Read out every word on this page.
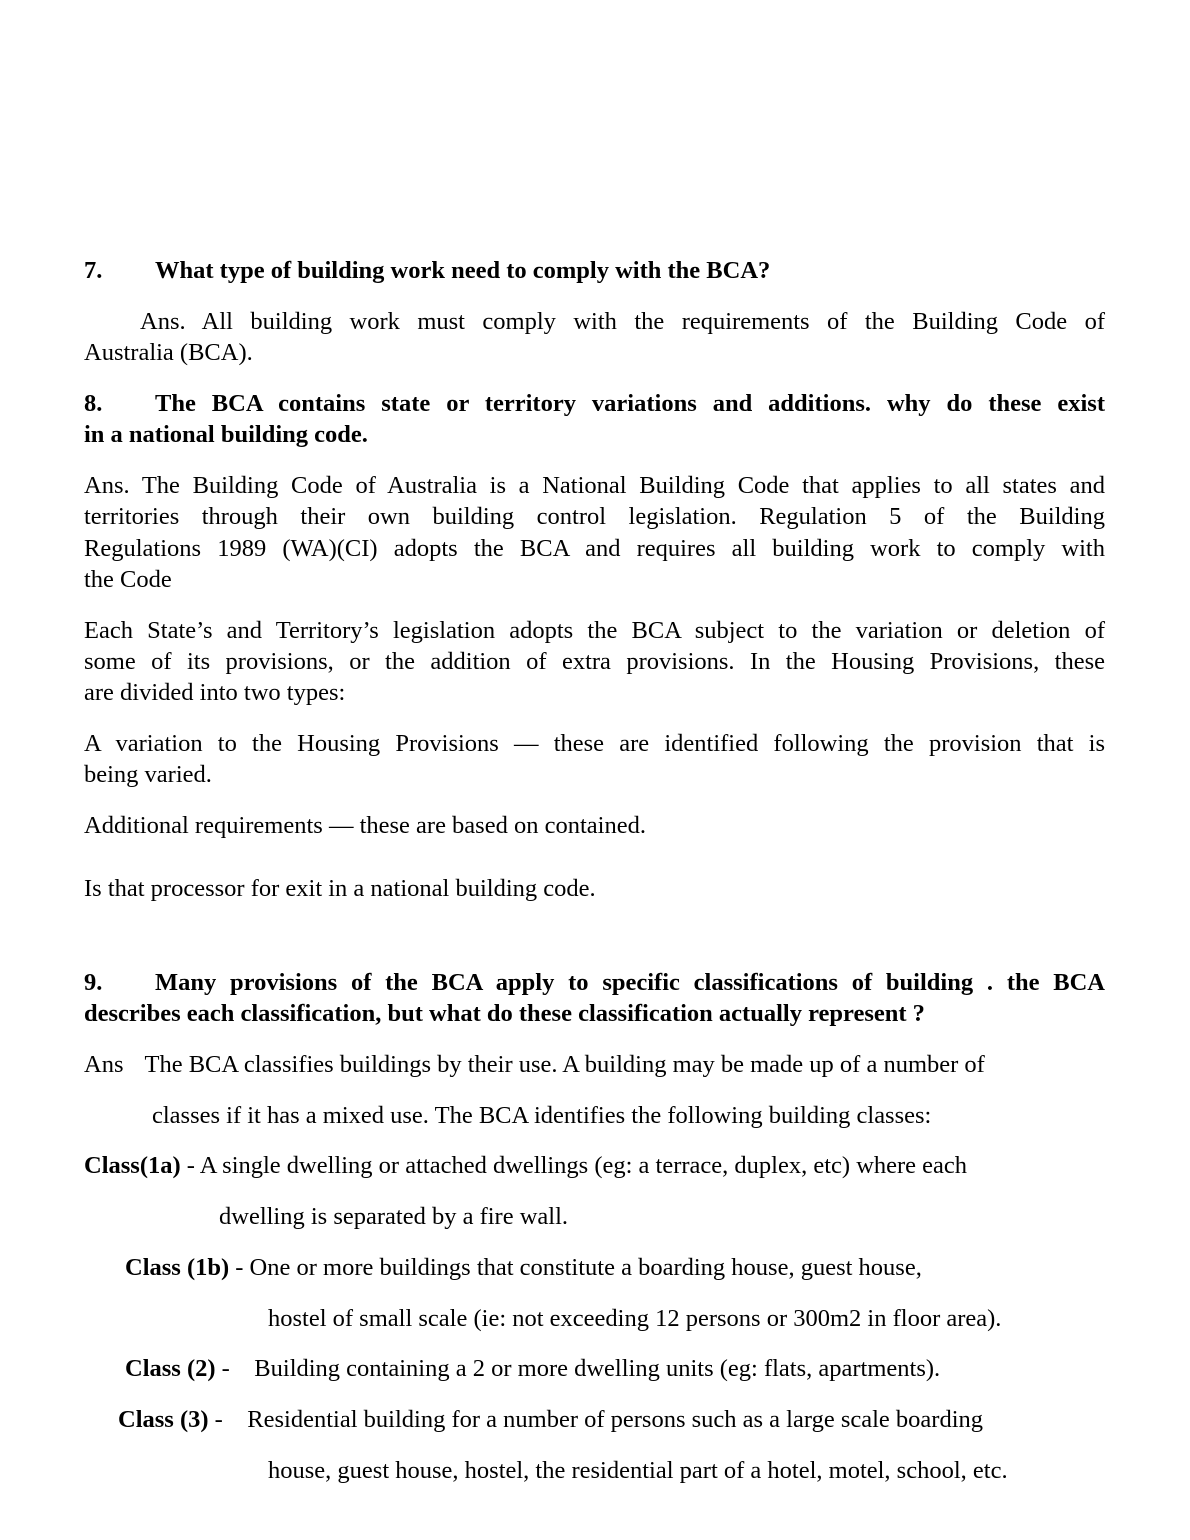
7. What type of building work need to comply with the BCA?

Ans. All building work must comply with the requirements of the Building Code of

Australia (BCA).

8. The BCA contains state or territory variations and additions. why do these exist

in a national building code.

Ans. The Building Code of Australia is a National Building Code that applies to all states and

territories through their own building control legislation. Regulation 5 of the Building

Regulations 1989 (WA)(CI) adopts the BCA and requires all building work to comply with

the Code

Each State’s and Territory’s legislation adopts the BCA subject to the variation or deletion of

some of its provisions, or the addition of extra provisions. In the Housing Provisions, these

are divided into two types:

A variation to the Housing Provisions — these are identified following the provision that is

being varied.

Additional requirements — these are based on contained.

Is that processor for exit in a national building code.

9. Many provisions of the BCA apply to specific classifications of building . the BCA

describes each classification, but what do these classification actually represent ?

Ans The BCA classifies buildings by their use. A building may be made up of a number of

classes if it has a mixed use. The BCA identifies the following building classes:

Class(1a) - A single dwelling or attached dwellings (eg: a terrace, duplex, etc) where each

dwelling is separated by a fire wall.

Class (1b) - One or more buildings that constitute a boarding house, guest house,

hostel of small scale (ie: not exceeding 12 persons or 300m2 in floor area).

Class (2) -    Building containing a 2 or more dwelling units (eg: flats, apartments).

Class (3) -    Residential building for a number of persons such as a large scale boarding

house, guest house, hostel, the residential part of a hotel, motel, school, etc.
